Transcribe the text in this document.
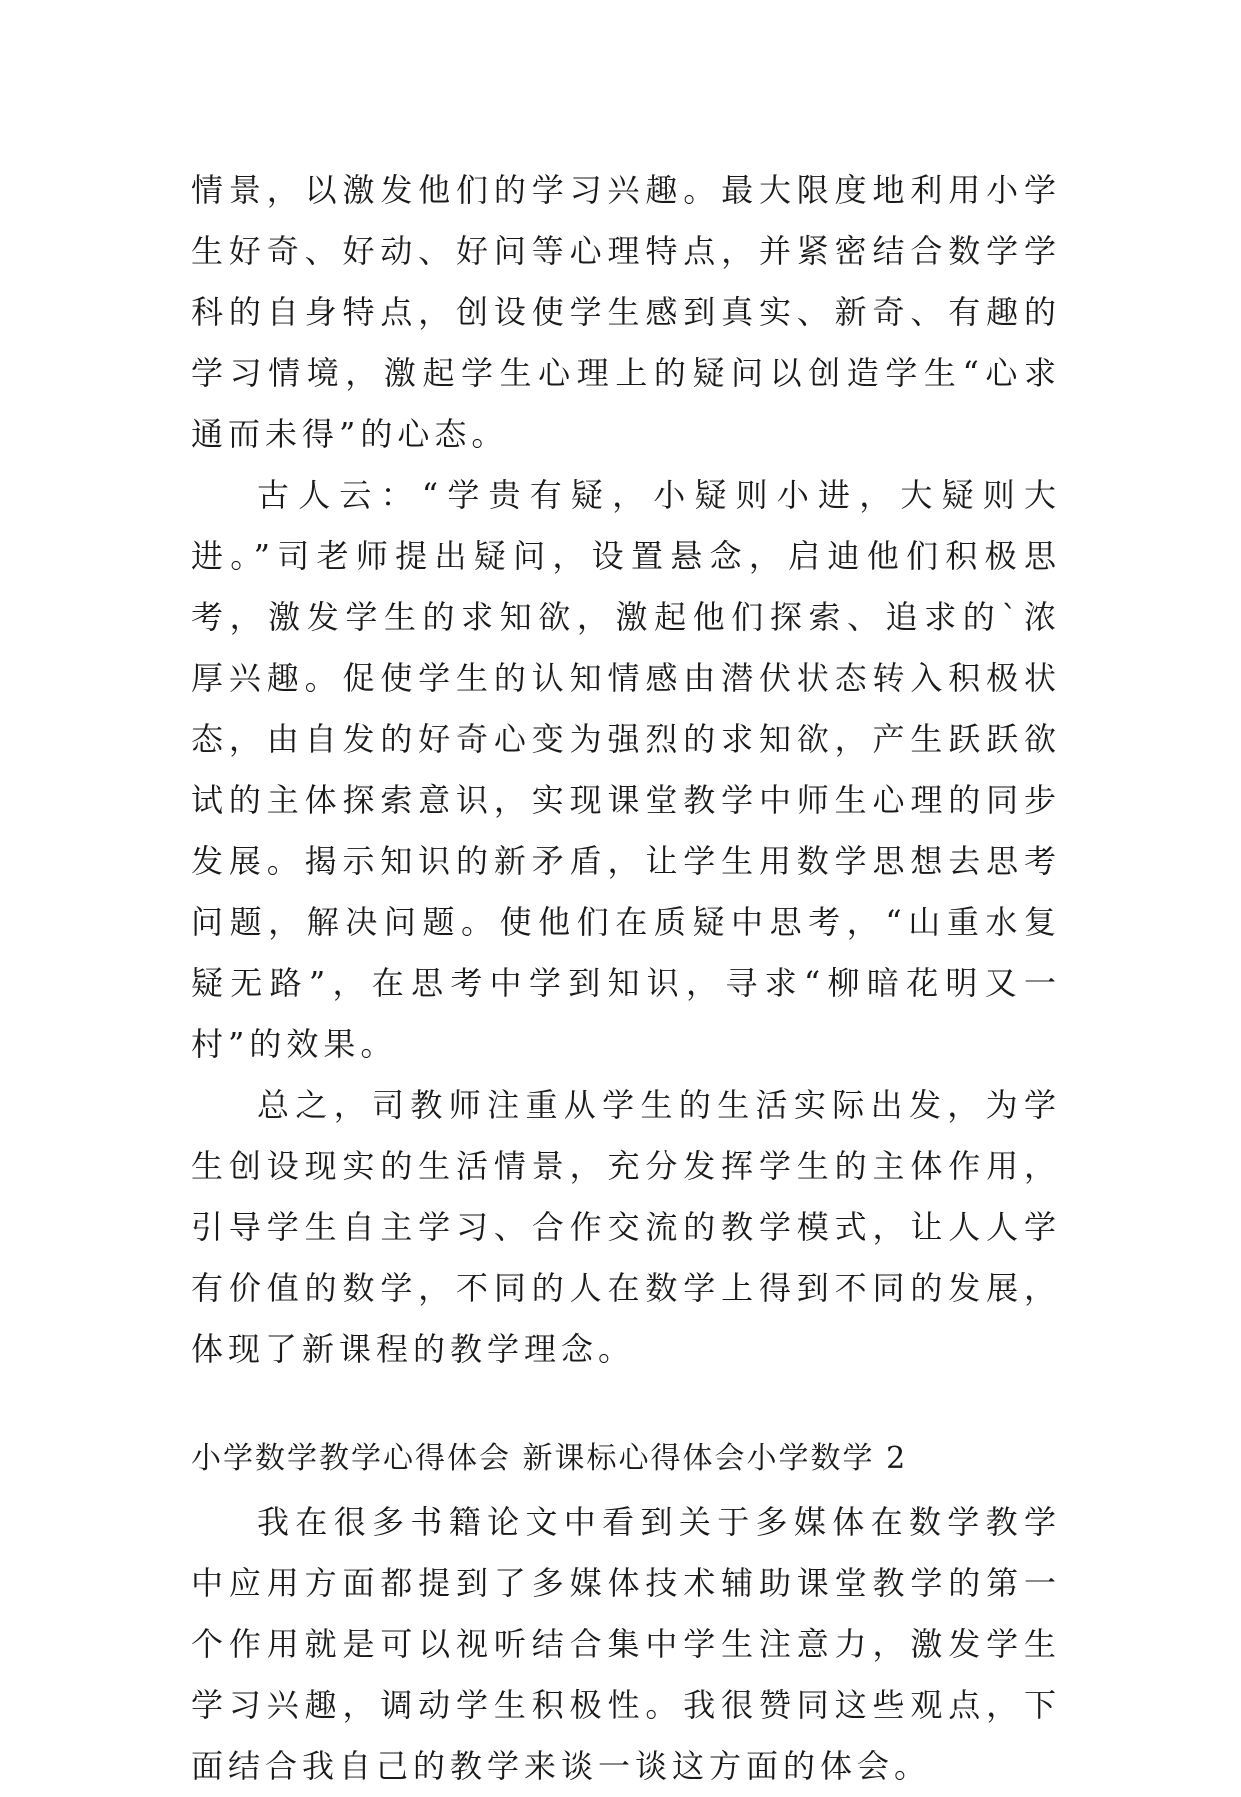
情景，以激发他们的学习兴趣。最大限度地利用小学生好奇、好动、好问等心理特点，并紧密结合数学学科的自身特点，创设使学生感到真实、新奇、有趣的学习情境，激起学生心理上的疑问以创造学生“心求通而未得”的心态。

古人云：“学贵有疑，小疑则小进，大疑则大进。”司老师提出疑问，设置悬念，启迪他们积极思考，激发学生的求知欲，激起他们探索、追求的`浓厚兴趣。促使学生的认知情感由潜伏状态转入积极状态，由自发的好奇心变为强烈的求知欲，产生跃跃欲试的主体探索意识，实现课堂教学中师生心理的同步发展。揭示知识的新矛盾，让学生用数学思想去思考问题，解决问题。使他们在质疑中思考，“山重水复疑无路”，在思考中学到知识，寻求“柳暗花明又一村”的效果。

总之，司教师注重从学生的生活实际出发，为学生创设现实的生活情景，充分发挥学生的主体作用，引导学生自主学习、合作交流的教学模式，让人人学有价值的数学，不同的人在数学上得到不同的发展，体现了新课程的教学理念。

小学数学教学心得体会 新课标心得体会小学数学 2

我在很多书籍论文中看到关于多媒体在数学教学中应用方面都提到了多媒体技术辅助课堂教学的第一个作用就是可以视听结合集中学生注意力，激发学生学习兴趣，调动学生积极性。我很赞同这些观点，下面结合我自己的教学来谈一谈这方面的体会。
